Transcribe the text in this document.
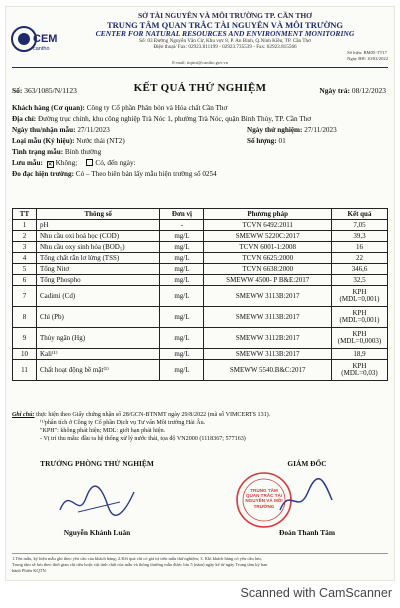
CEM
cantho
SỞ TÀI NGUYÊN VÀ MÔI TRƯỜNG TP. CẦN THƠ
TRUNG TÂM QUAN TRẮC TÀI NGUYÊN VÀ MÔI TRƯỜNG
CENTER FOR NATURAL RESOURCES AND ENVIRONMENT MONITORING
Số: 03 Đường Nguyễn Văn Cừ, Khu vực 8, P. An Bình, Q.Ninh Kiều, TP. Cần Thơ
Điện thoại/ Fax: 02923.811199 - 02923.735539 - Fax: 02923.815566
Số hiệu: BM05-TT17
Ngày BH: 10/02/2022
E-mail: ttqtmt@cantho.gov.vn
Số: 363/1085/N/1123	KẾT QUẢ THỬ NGHIỆM	Ngày trả: 08/12/2023
Khách hàng (Cơ quan): Công ty Cổ phần Phân bón và Hóa chất Cần Thơ
Địa chỉ: Đường trục chính, khu công nghiệp Trà Nóc 1, phường Trà Nóc, quận Bình Thủy, TP. Cần Thơ
Ngày thu/nhận mẫu: 27/11/2023	Ngày thử nghiệm: 27/11/2023
Loại mẫu (Ký hiệu): Nước thải (NT2)	Số lượng: 01
Tình trạng mẫu: Bình thường
Lưu mẫu: ✕ Không;	Có, đến ngày:
Đo đạc hiện trường: Có – Theo biên bản lấy mẫu hiện trường số 0254
TT	Thông số	Đơn vị	Phương pháp	Kết quả
1	pH	-	TCVN 6492:2011	7,05
2	Nhu cầu oxi hoá học (COD)	mg/L	SMEWW 5220C:2017	39,3
3	Nhu cầu oxy sinh hóa (BOD₅)	mg/L	TCVN 6001-1:2008	16
4	Tổng chất rắn lơ lửng (TSS)	mg/L	TCVN 6625:2000	22
5	Tổng Nitơ	mg/L	TCVN 6638:2000	346,6
6	Tổng Phospho	mg/L	SMEWW 4500- P B&E:2017	32,5
7	Cadimi (Cd)	mg/L	SMEWW 3113B:2017	KPH
(MDL=0,001)

8	Chì (Pb)	mg/L	SMEWW 3113B:2017	KPH
(MDL=0,001)

9	Thủy ngân (Hg)	mg/L	SMEWW 3112B:2017	KPH
(MDL=0,0003)

10	Kali⁽¹⁾	mg/L	SMEWW 3113B:2017	18,9
11	Chất hoạt động bề mặt⁽¹⁾	mg/L	SMEWW 5540.B&C:2017	KPH
(MDL=0,03)
Ghi chú: thực hiện theo Giấy chứng nhận số 28/GCN-BTNMT ngày 29/8/2022 (mã số VIMCERTS 131).
⁽¹⁾phân tích ở Công ty Cổ phần Dịch vụ Tư vấn Môi trường Hải Âu.
"KPH": không phát hiện; MDL: giới hạn phát hiện.
- Vị trí thu mẫu: đầu ra hệ thống xử lý nước thải, tọa độ VN2000 (1118367; 577163)
TRƯỞNG PHÒNG THỬ NGHIỆM	GIÁM ĐỐC
TRUNG TÂM QUAN TRẮC TÀI NGUYÊN VÀ MÔI TRƯỜNG
Nguyễn Khánh Luân	Đoàn Thanh Tâm
1.Tên mẫu, ký hiệu mẫu ghi theo yêu cầu của khách hàng; 2.Kết quả chỉ có giá trị trên mẫu thử nghiệm; 3. Khi khách hàng có yêu cầu lưu,
Trung tâm sẽ lưu theo thời gian chỉ tiêu hoặc vật tính chất của mẫu và thông thường mẫu được lưu 5 (năm) ngày kể từ ngày Trung tâm ký ban
hành Phiếu KQTN.
Scanned with CamScanner
